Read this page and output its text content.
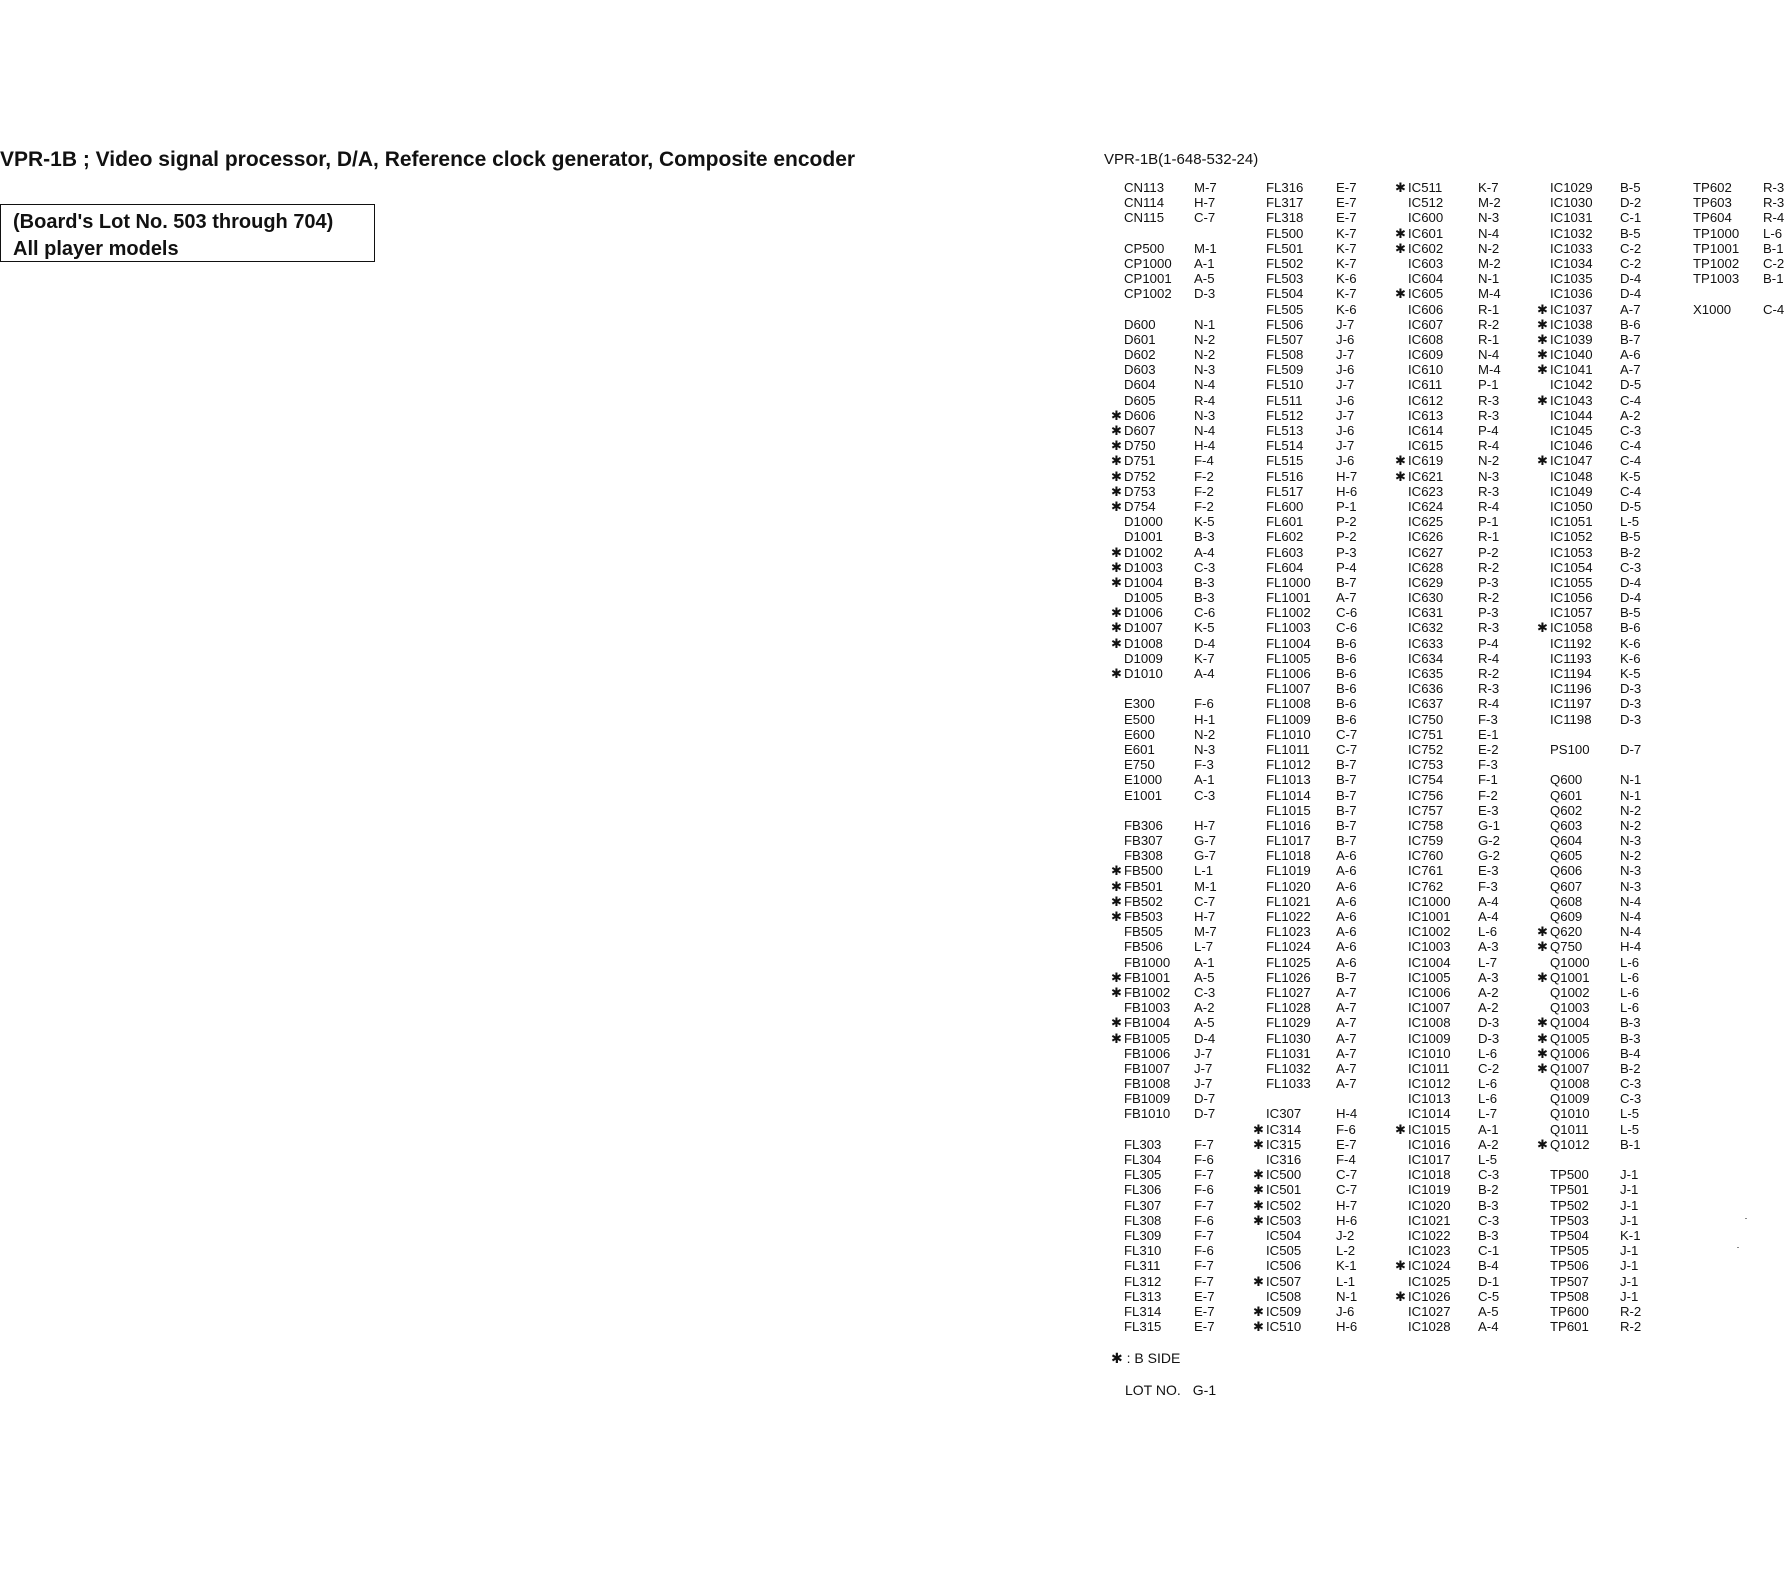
VPR-1B ; Video signal processor, D/A, Reference clock generator, Composite encoder
(Board's Lot No. 503 through 704)
All player models
VPR-1B(1-648-532-24)
CN113 M-7
CN114 H-7
CN115 C-7
CP500 M-1
CP1000 A-1
CP1001 A-5
CP1002 D-3
D600	N-1
D601	N-2
D602	N-2
D603	N-3
D604	N-4
D605	R-4
✱ D606	N-3
✱ D607	N-4
✱ D750	H-4
✱ D751	F-4
✱ D752	F-2
✱ D753	F-2
✱ D754	F-2
D1000 K-5
D1001 B-3
✱ D1002 A-4
✱ D1003 C-3
✱ D1004 B-3
D1005 B-3
✱ D1006 C-6
✱ D1007 K-5
✱ D1008 D-4
D1009 K-7
✱ D1010 A-4
E300	F-6
E500	H-1
E600	N-2
E601	N-3
E750	F-3
E1000 A-1
E1001 C-3
FB306 H-7
FB307 G-7
FB308 G-7
✱ FB500 L-1
✱ FB501 M-1
✱ FB502 C-7
✱ FB503 H-7
FB505 M-7
FB506 L-7
FB1000 A-1
✱ FB1001 A-5
✱ FB1002 C-3
FB1003 A-2
✱ FB1004 A-5
✱ FB1005 D-4
FB1006 J-7
FB1007 J-7
FB1008 J-7
FB1009 D-7
FB1010 D-7
FL303 F-7
FL304 F-6
FL305 F-7
FL306 F-6
FL307 F-7
FL308 F-6
FL309 F-7
FL310 F-6
FL311	F-7
FL312 F-7
FL313 E-7
FL314 E-7
FL315 E-7
FL316 E-7
FL317 E-7
FL318 E-7
FL500 K-7
FL501 K-7
FL502 K-7
FL503 K-6
FL504 K-7
FL505 K-6
FL506 J-7
FL507 J-6
FL508 J-7
FL509 J-6
FL510 J-7
FL511	J-6
FL512 J-7
FL513 J-6
FL514 J-7
FL515 J-6
FL516 H-7
FL517 H-6
FL600 P-1
FL601 P-2
FL602 P-2
FL603 P-3
FL604 P-4
FL1000 B-7
FL1001 A-7
FL1002 C-6
FL1003 C-6
FL1004 B-6
FL1005 B-6
FL1006 B-6
FL1007 B-6
FL1008 B-6
FL1009 B-6
FL1010 C-7
FL1011 C-7
FL1012 B-7
FL1013 B-7
FL1014 B-7
FL1015 B-7
FL1016 B-7
FL1017 B-7
FL1018 A-6
FL1019 A-6
FL1020 A-6
FL1021 A-6
FL1022 A-6
FL1023 A-6
FL1024 A-6
FL1025 A-6
FL1026 B-7
FL1027 A-7
FL1028 A-7
FL1029 A-7
FL1030 A-7
FL1031 A-7
FL1032 A-7
FL1033 A-7
IC307	H-4
✱ IC314	F-6
✱ IC315	E-7
IC316	F-4
✱ IC500	C-7
✱ IC501	C-7
✱ IC502	H-7
✱ IC503	H-6
IC504	J-2
IC505	L-2
IC506	K-1
✱ IC507	L-1
IC508	N-1
✱ IC509	J-6
✱ IC510	H-6
✱ IC511	K-7
IC512	M-2
IC600	N-3
✱ IC601	N-4
✱ IC602	N-2
IC603	M-2
IC604	N-1
✱ IC605	M-4
IC606	R-1
IC607	R-2
IC608	R-1
IC609	N-4
IC610	M-4
IC611	P-1
IC612	R-3
IC613	R-3
IC614	P-4
IC615	R-4
✱ IC619	N-2
✱ IC621	N-3
IC623	R-3
IC624	R-4
IC625	P-1
IC626	R-1
IC627	P-2
IC628	R-2
IC629	P-3
IC630	R-2
IC631	P-3
IC632	R-3
IC633	P-4
IC634	R-4
IC635	R-2
IC636	R-3
IC637	R-4
IC750	F-3
IC751	E-1
IC752	E-2
IC753	F-3
IC754	F-1
IC756	F-2
IC757	E-3
IC758	G-1
IC759	G-2
IC760	G-2
IC761	E-3
IC762	F-3
IC1000 A-4
IC1001 A-4
IC1002 L-6
IC1003 A-3
IC1004 L-7
IC1005 A-3
IC1006 A-2
IC1007 A-2
IC1008 D-3
IC1009 D-3
IC1010 L-6
IC1011 C-2
IC1012 L-6
IC1013 L-6
IC1014 L-7
✱ IC1015 A-1
IC1016 A-2
IC1017 L-5
IC1018 C-3
IC1019 B-2
IC1020 B-3
IC1021 C-3
IC1022 B-3
IC1023 C-1
✱ IC1024 B-4
IC1025 D-1
✱ IC1026 C-5
IC1027 A-5
IC1028 A-4
IC1029 B-5
IC1030 D-2
IC1031 C-1
IC1032 B-5
IC1033 C-2
IC1034 C-2
IC1035 D-4
IC1036 D-4
✱ IC1037 A-7
✱ IC1038 B-6
✱ IC1039 B-7
✱ IC1040 A-6
✱ IC1041 A-7
IC1042 D-5
✱ IC1043 C-4
IC1044 A-2
IC1045 C-3
IC1046 C-4
✱ IC1047 C-4
IC1048 K-5
IC1049 C-4
IC1050 D-5
IC1051 L-5
IC1052 B-5
IC1053 B-2
IC1054 C-3
IC1055 D-4
IC1056 D-4
IC1057 B-5
✱ IC1058 B-6
IC1192 K-6
IC1193 K-6
IC1194 K-5
IC1196 D-3
IC1197 D-3
IC1198 D-3
PS100 D-7
Q600	N-1
Q601	N-1
Q602	N-2
Q603	N-2
Q604	N-3
Q605	N-2
Q606	N-3
Q607	N-3
Q608	N-4
Q609	N-4
✱ Q620	N-4
✱ Q750	H-4
Q1000 L-6
✱ Q1001 L-6
Q1002 L-6
Q1003 L-6
✱ Q1004 B-3
✱ Q1005 B-3
✱ Q1006 B-4
✱ Q1007 B-2
Q1008 C-3
Q1009 C-3
Q1010 L-5
Q1011 L-5
✱ Q1012 B-1
TP500 J-1
TP501 J-1
TP502 J-1
TP503 J-1
TP504 K-1
TP505 J-1
TP506 J-1
TP507 J-1
TP508 J-1
TP600 R-2
TP601 R-2
TP602 R-3
TP603 R-3
TP604 R-4
TP1000 L-6
TP1001 B-1
TP1002 C-2
TP1003 B-1
X1000 C-4
✱ : B SIDE
LOT NO. G-1
